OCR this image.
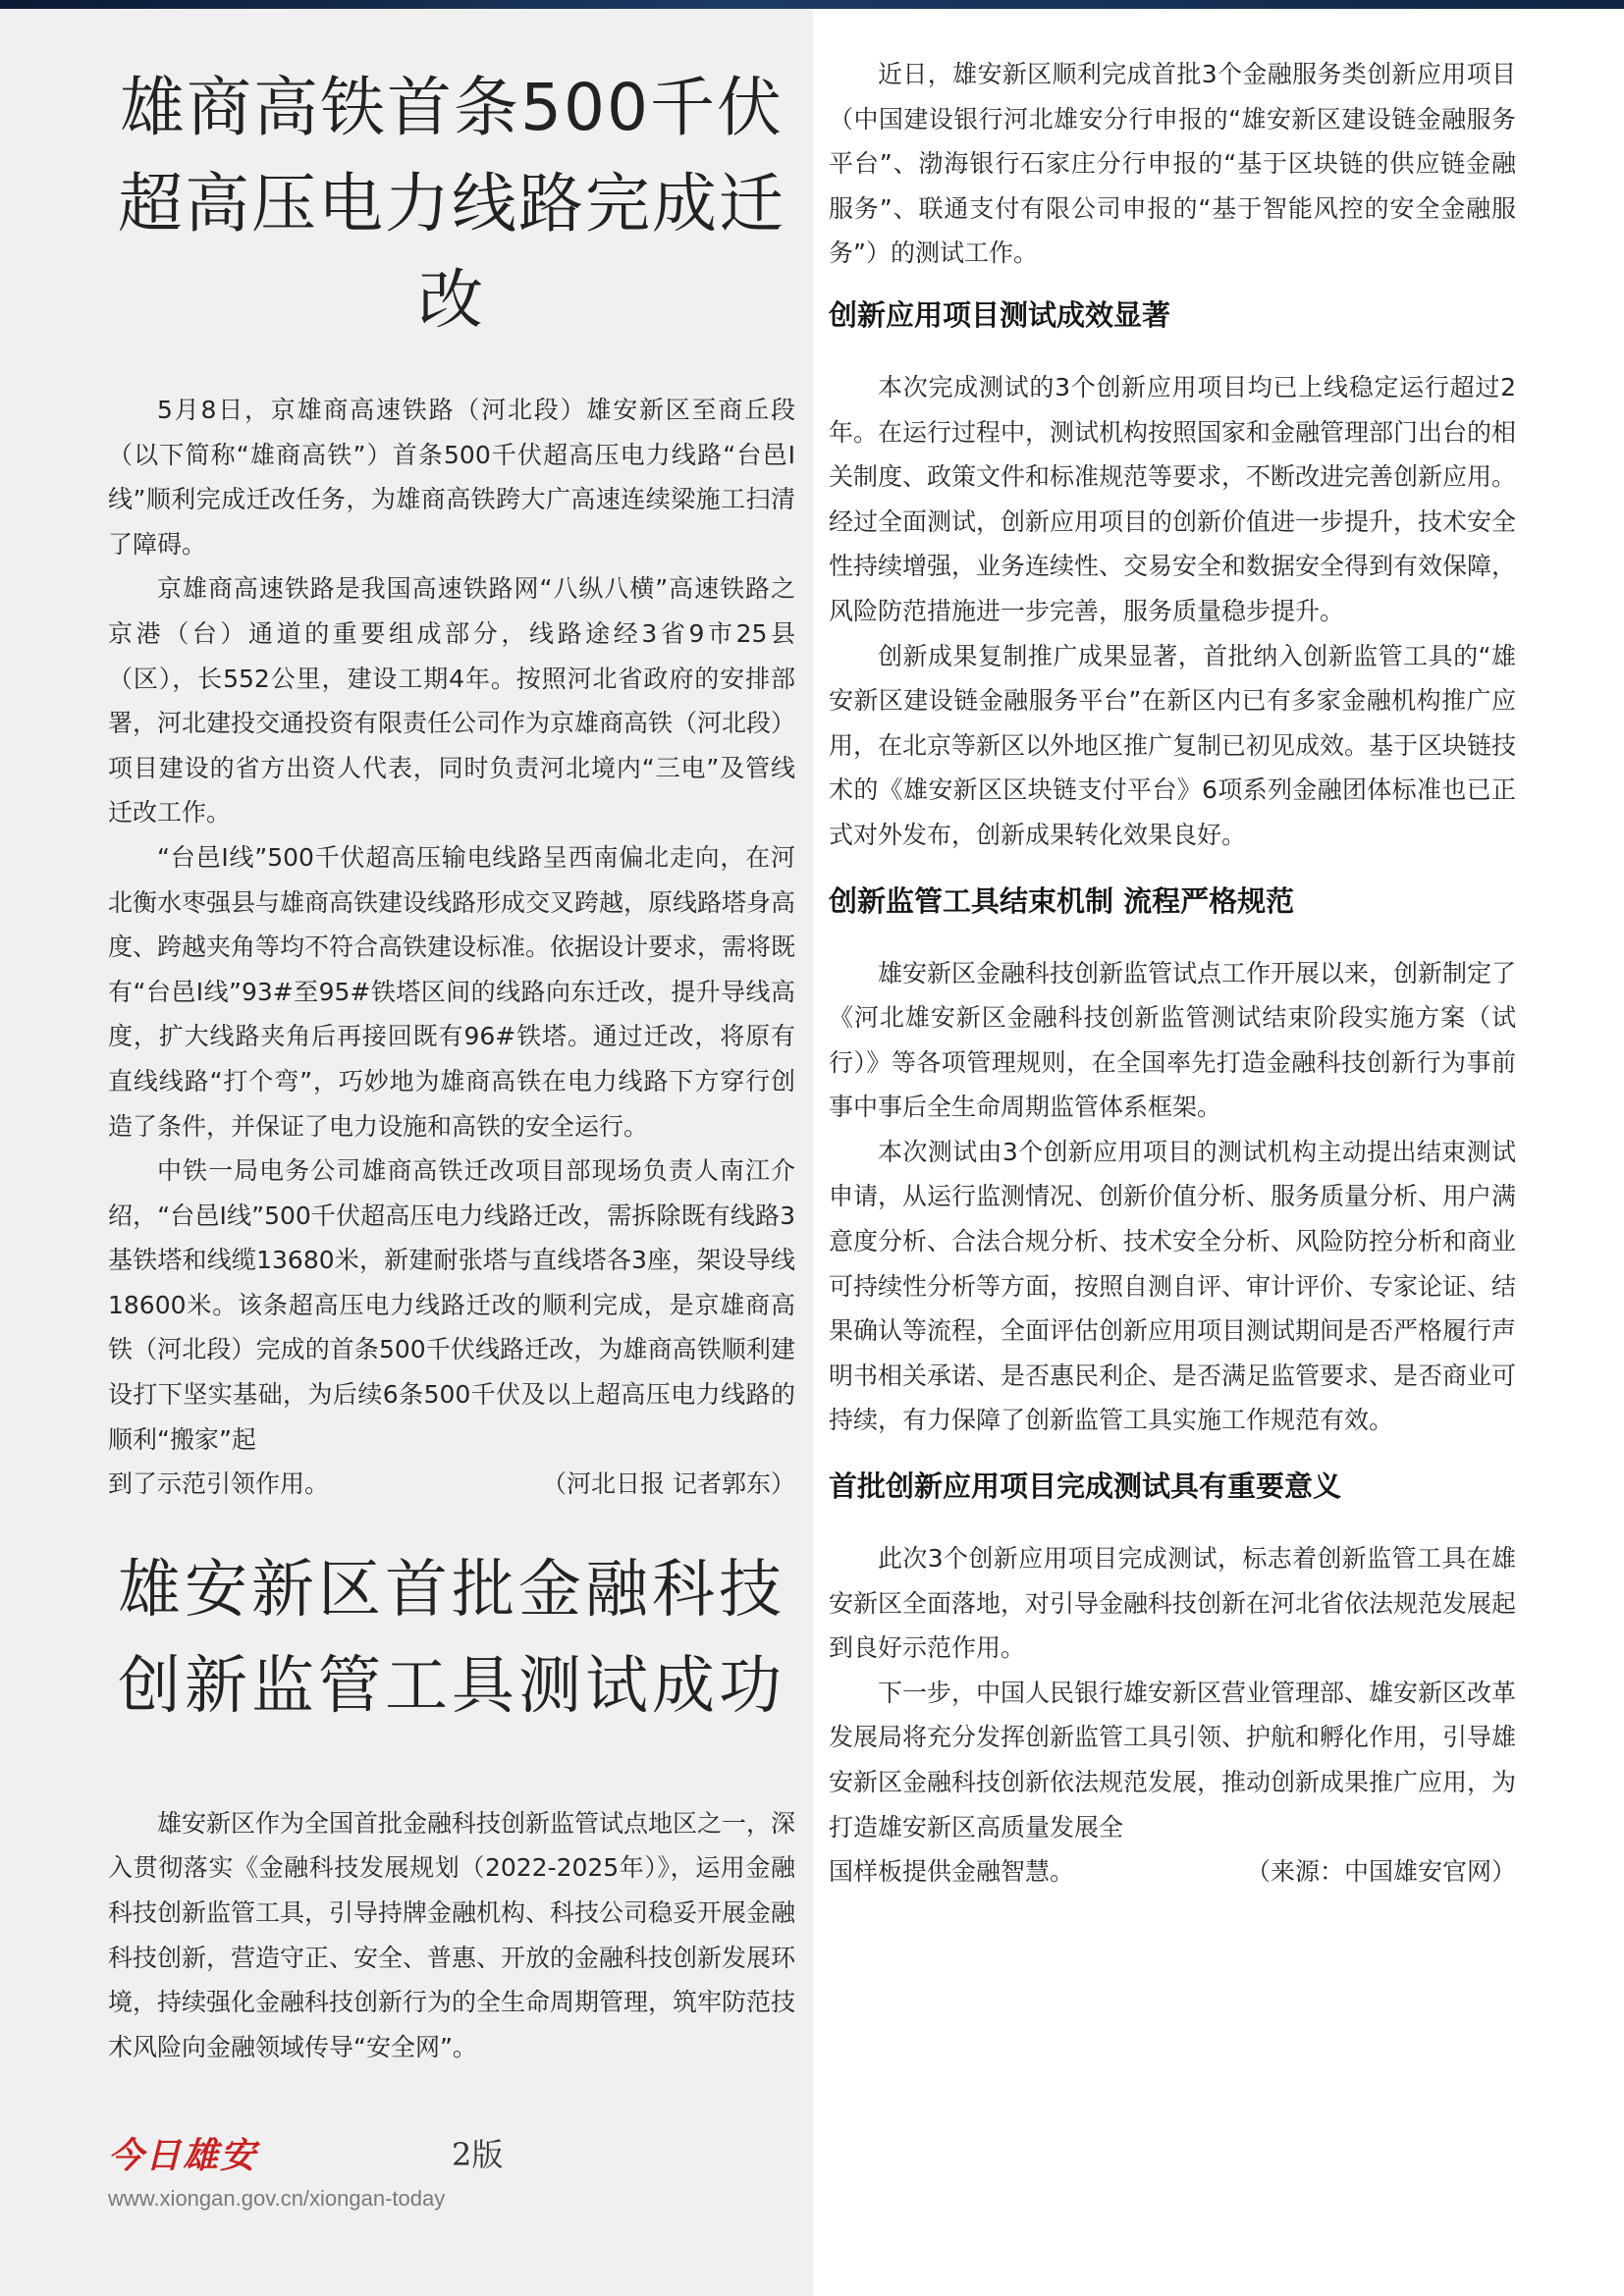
雄商高铁首条500千伏
超高压电力线路完成迁改

5月8日，京雄商高速铁路（河北段）雄安新区至商丘段（以下简称“雄商高铁”）首条500千伏超高压电力线路“台邑Ⅰ线”顺利完成迁改任务，为雄商高铁跨大广高速连续梁施工扫清了障碍。

京雄商高速铁路是我国高速铁路网“八纵八横”高速铁路之京港（台）通道的重要组成部分，线路途经3省9市25县（区），长552公里，建设工期4年。按照河北省政府的安排部署，河北建投交通投资有限责任公司作为京雄商高铁（河北段）项目建设的省方出资人代表，同时负责河北境内“三电”及管线迁改工作。

“台邑Ⅰ线”500千伏超高压输电线路呈西南偏北走向，在河北衡水枣强县与雄商高铁建设线路形成交叉跨越，原线路塔身高度、跨越夹角等均不符合高铁建设标准。依据设计要求，需将既有“台邑Ⅰ线”93#至95#铁塔区间的线路向东迁改，提升导线高度，扩大线路夹角后再接回既有96#铁塔。通过迁改，将原有直线线路“打个弯”，巧妙地为雄商高铁在电力线路下方穿行创造了条件，并保证了电力设施和高铁的安全运行。

中铁一局电务公司雄商高铁迁改项目部现场负责人南江介绍，“台邑Ⅰ线”500千伏超高压电力线路迁改，需拆除既有线路3基铁塔和线缆13680米，新建耐张塔与直线塔各3座，架设导线18600米。该条超高压电力线路迁改的顺利完成，是京雄商高铁（河北段）完成的首条500千伏线路迁改，为雄商高铁顺利建设打下坚实基础，为后续6条500千伏及以上超高压电力线路的顺利“搬家”起

到了示范引领作用。	（河北日报 记者郭东）

雄安新区首批金融科技
创新监管工具测试成功

雄安新区作为全国首批金融科技创新监管试点地区之一，深入贯彻落实《金融科技发展规划（2022-2025年）》，运用金融科技创新监管工具，引导持牌金融机构、科技公司稳妥开展金融科技创新，营造守正、安全、普惠、开放的金融科技创新发展环境，持续强化金融科技创新行为的全生命周期管理，筑牢防范技术风险向金融领域传导“安全网”。

近日，雄安新区顺利完成首批3个金融服务类创新应用项目（中国建设银行河北雄安分行申报的“雄安新区建设链金融服务平台”、渤海银行石家庄分行申报的“基于区块链的供应链金融服务”、联通支付有限公司申报的“基于智能风控的安全金融服务”）的测试工作。

创新应用项目测试成效显著

本次完成测试的3个创新应用项目均已上线稳定运行超过2年。在运行过程中，测试机构按照国家和金融管理部门出台的相关制度、政策文件和标准规范等要求，不断改进完善创新应用。经过全面测试，创新应用项目的创新价值进一步提升，技术安全性持续增强，业务连续性、交易安全和数据安全得到有效保障，风险防范措施进一步完善，服务质量稳步提升。

创新成果复制推广成果显著，首批纳入创新监管工具的“雄安新区建设链金融服务平台”在新区内已有多家金融机构推广应用，在北京等新区以外地区推广复制已初见成效。基于区块链技术的《雄安新区区块链支付平台》6项系列金融团体标准也已正式对外发布，创新成果转化效果良好。

创新监管工具结束机制 流程严格规范

雄安新区金融科技创新监管试点工作开展以来，创新制定了《河北雄安新区金融科技创新监管测试结束阶段实施方案（试行）》等各项管理规则，在全国率先打造金融科技创新行为事前事中事后全生命周期监管体系框架。

本次测试由3个创新应用项目的测试机构主动提出结束测试申请，从运行监测情况、创新价值分析、服务质量分析、用户满意度分析、合法合规分析、技术安全分析、风险防控分析和商业可持续性分析等方面，按照自测自评、审计评价、专家论证、结果确认等流程，全面评估创新应用项目测试期间是否严格履行声明书相关承诺、是否惠民利企、是否满足监管要求、是否商业可持续，有力保障了创新监管工具实施工作规范有效。

首批创新应用项目完成测试具有重要意义

此次3个创新应用项目完成测试，标志着创新监管工具在雄安新区全面落地，对引导金融科技创新在河北省依法规范发展起到良好示范作用。

下一步，中国人民银行雄安新区营业管理部、雄安新区改革发展局将充分发挥创新监管工具引领、护航和孵化作用，引导雄安新区金融科技创新依法规范发展，推动创新成果推广应用，为打造雄安新区高质量发展全

国样板提供金融智慧。	（来源：中国雄安官网）

今日雄安	2版
www.xiongan.gov.cn/xiongan-today
